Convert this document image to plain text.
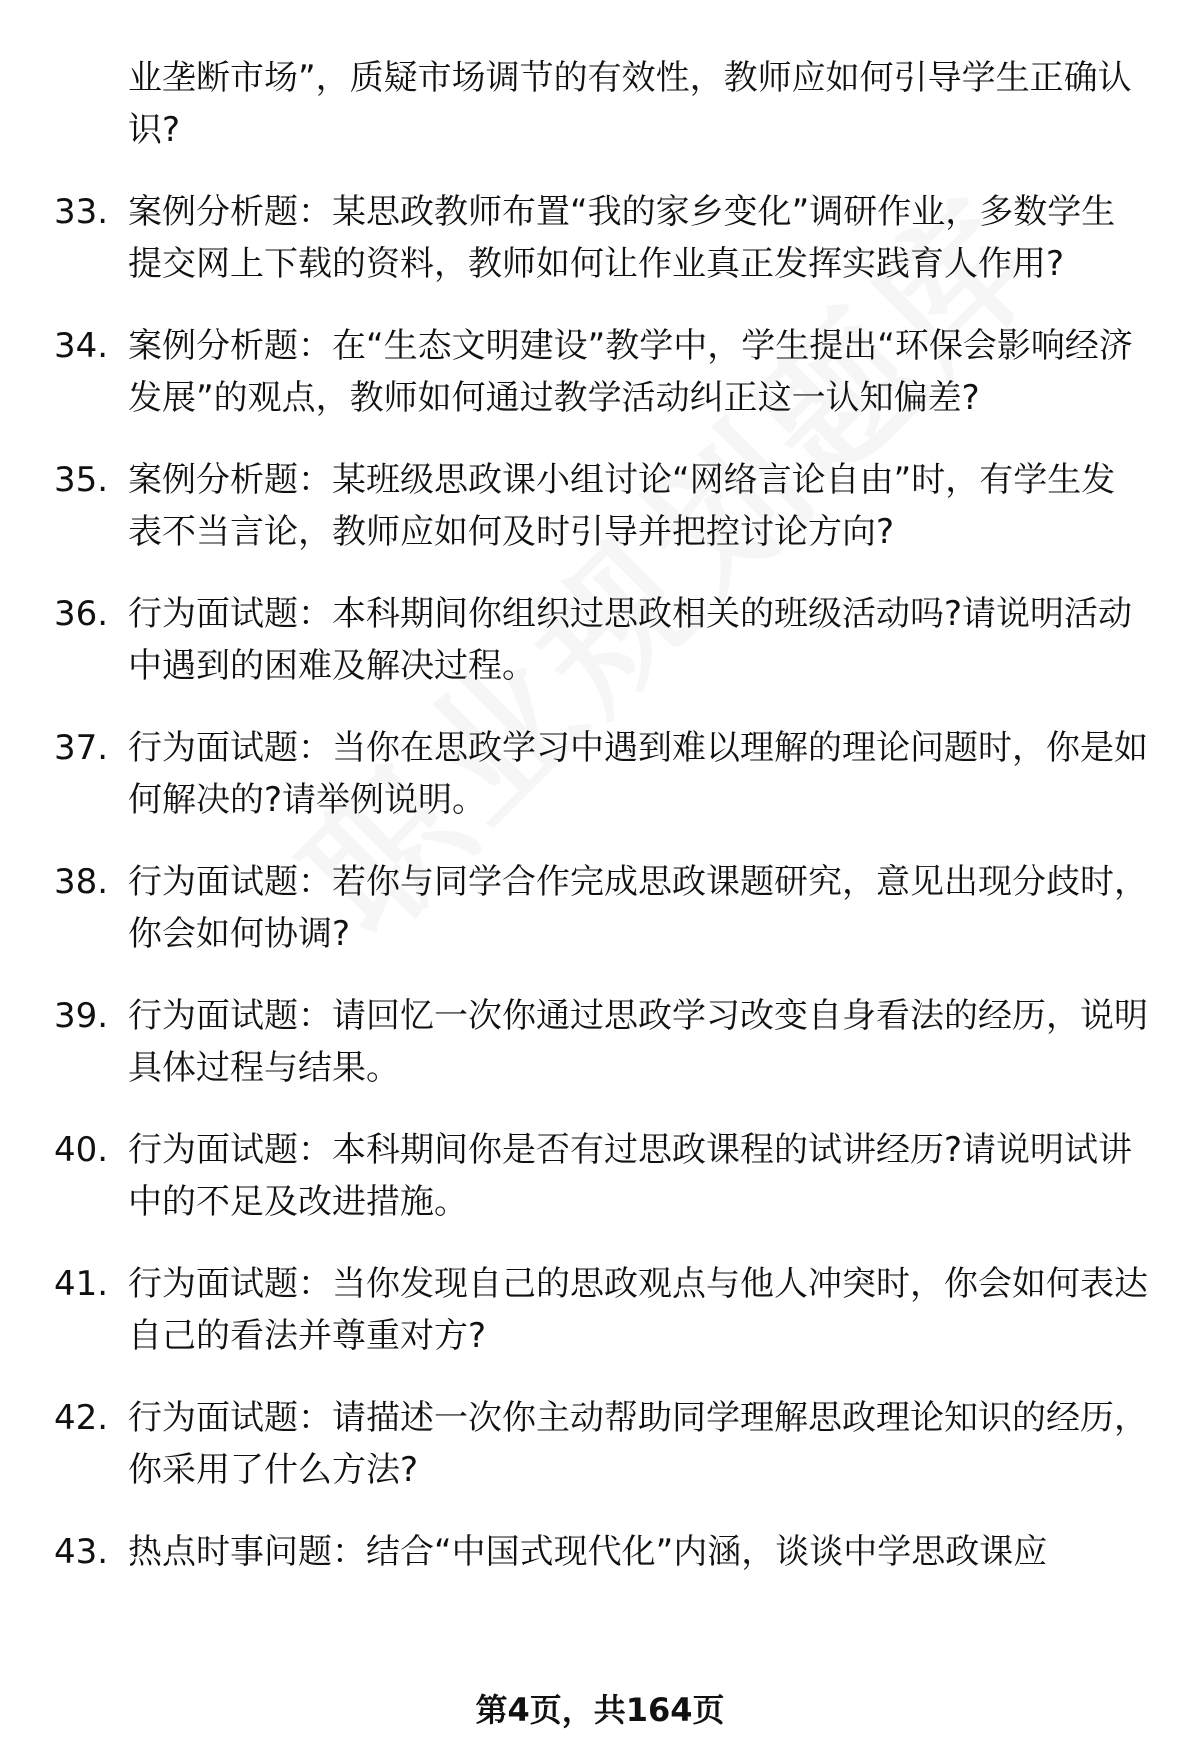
业垄断市场”，质疑市场调节的有效性，教师应如何引导学生正确认识?
33. 案例分析题：某思政教师布置“我的家乡变化”调研作业，多数学生提交网上下载的资料，教师如何让作业真正发挥实践育人作用?
34. 案例分析题：在“生态文明建设”教学中，学生提出“环保会影响经济发展”的观点，教师如何通过教学活动纠正这一认知偏差?
35. 案例分析题：某班级思政课小组讨论“网络言论自由”时，有学生发表不当言论，教师应如何及时引导并把控讨论方向?
36. 行为面试题：本科期间你组织过思政相关的班级活动吗?请说明活动中遇到的困难及解决过程。
37. 行为面试题：当你在思政学习中遇到难以理解的理论问题时，你是如何解决的?请举例说明。
38. 行为面试题：若你与同学合作完成思政课题研究，意见出现分歧时，你会如何协调?
39. 行为面试题：请回忆一次你通过思政学习改变自身看法的经历，说明具体过程与结果。
40. 行为面试题：本科期间你是否有过思政课程的试讲经历?请说明试讲中的不足及改进措施。
41. 行为面试题：当你发现自己的思政观点与他人冲突时，你会如何表达自己的看法并尊重对方?
42. 行为面试题：请描述一次你主动帮助同学理解思政理论知识的经历，你采用了什么方法?
43. 热点时事问题：结合“中国式现代化”内涵，谈谈中学思政课应
第4页，共164页
